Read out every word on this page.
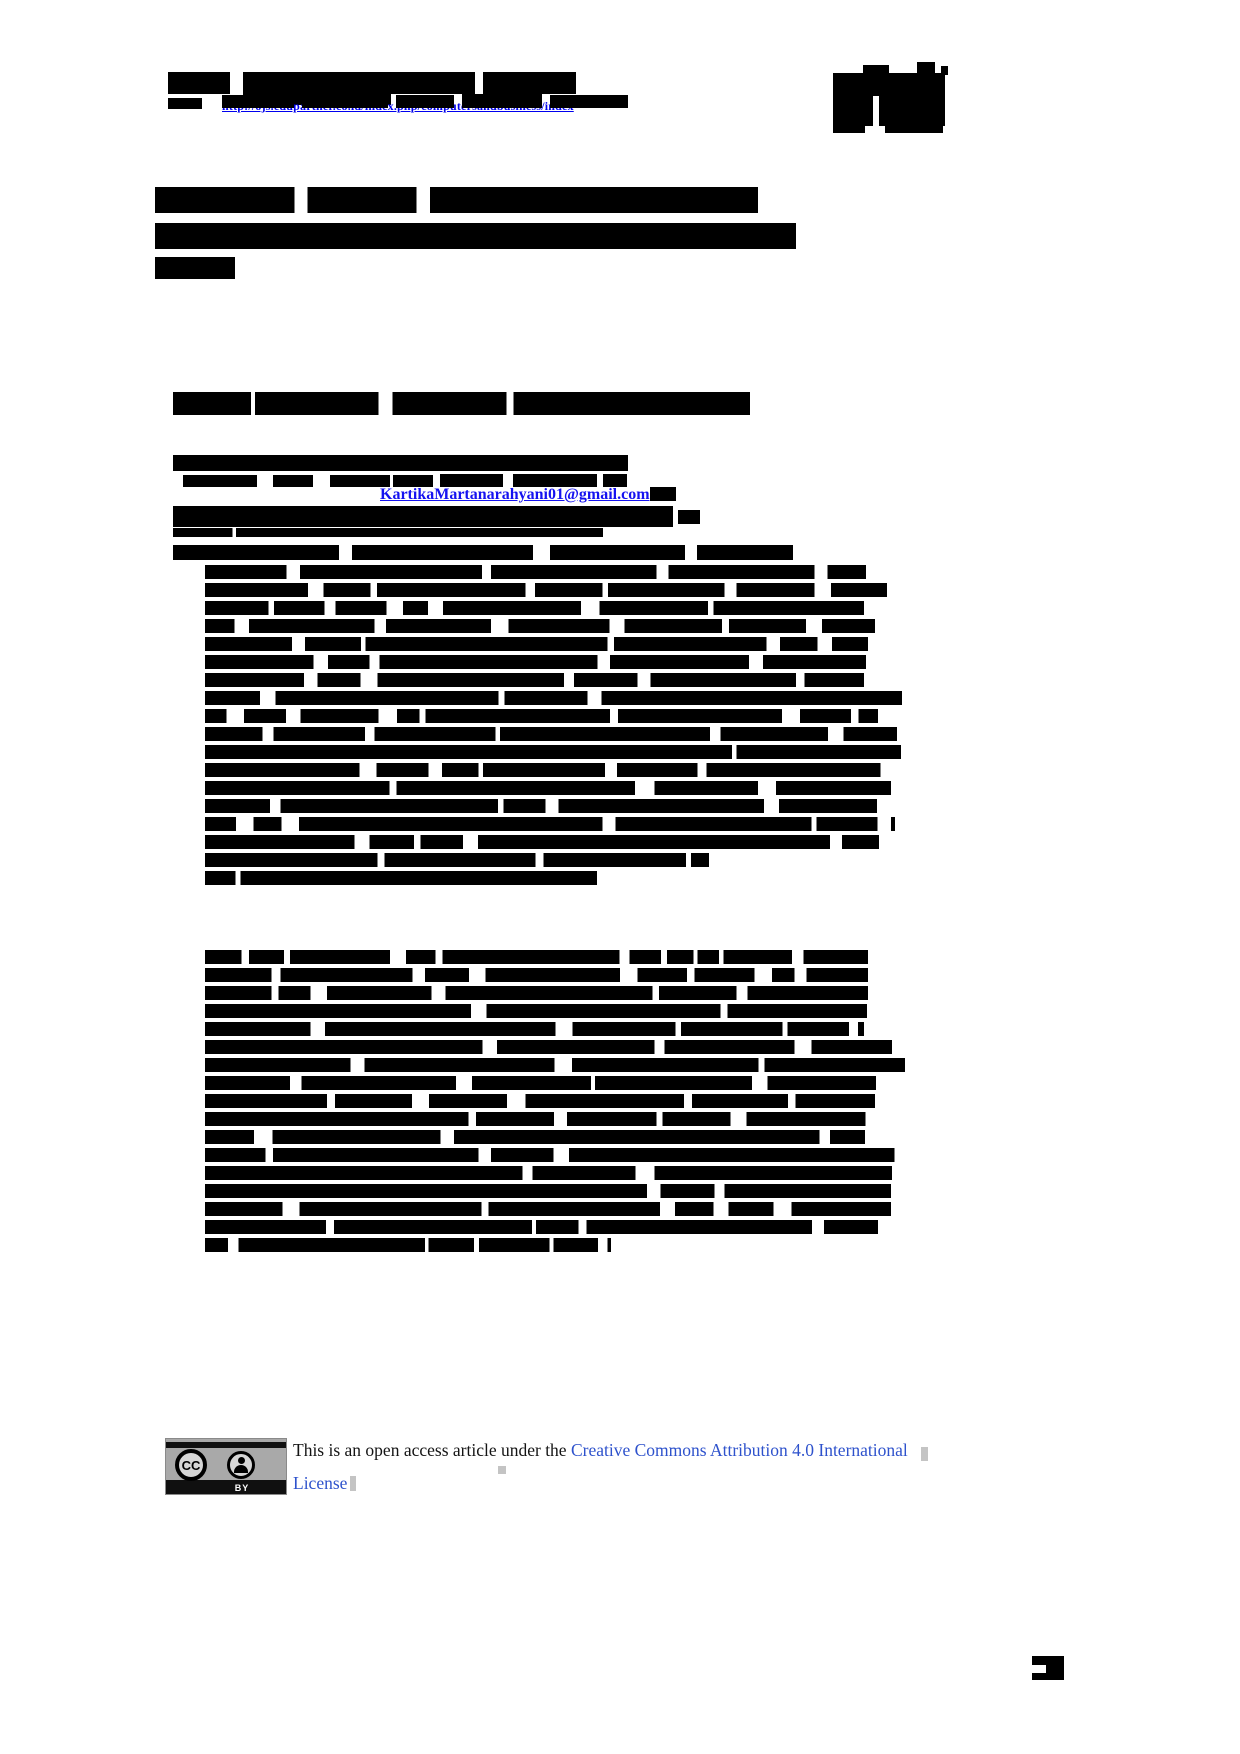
KartikaMartanarahyani01@gmail.com
CC
BY
This is an open access article under the Creative Commons Attribution 4.0 International
License
